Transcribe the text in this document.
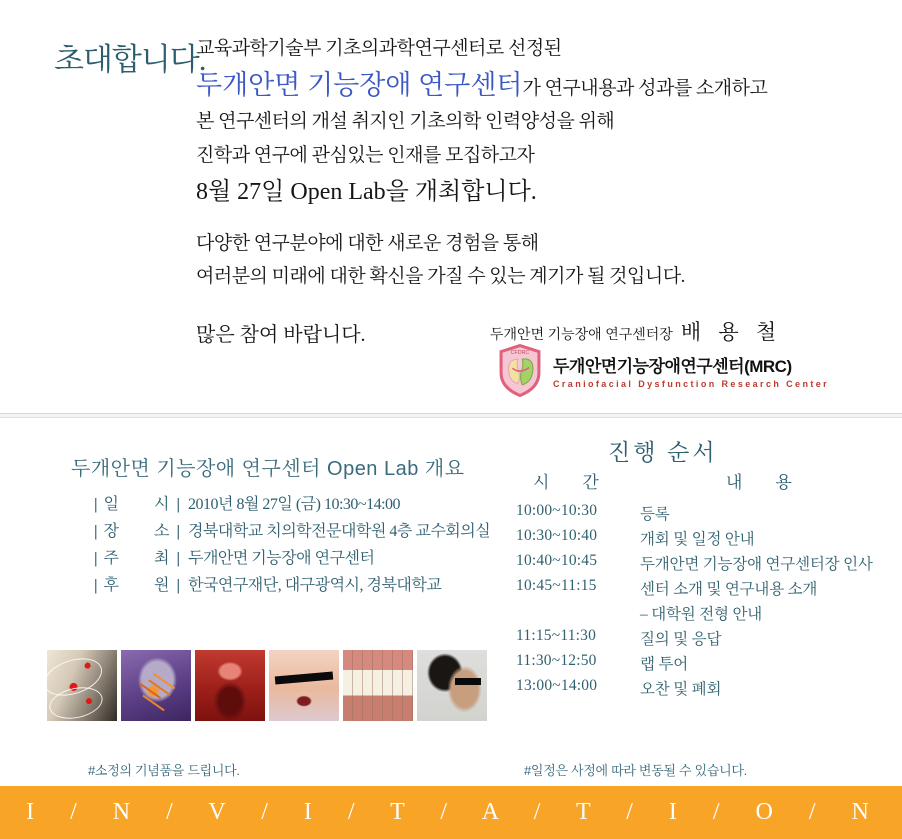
초대합니다.

교육과학기술부 기초의과학연구센터로 선정된

두개안면 기능장애 연구센터가 연구내용과 성과를 소개하고

본 연구센터의 개설 취지인 기초의학 인력양성을 위해

진학과 연구에 관심있는 인재를 모집하고자

8월 27일 Open Lab을 개최합니다.

다양한 연구분야에 대한 새로운 경험을 통해

여러분의 미래에 대한 확신을 가질 수 있는 계기가 될 것입니다.

많은 참여 바랍니다.	두개안면 기능장애 연구센터장 배 용 철
CFDRC
두개안면기능장애연구센터(MRC)
Craniofacial Dysfunction Research Center
두개안면 기능장애 연구센터 Open Lab 개요
| 일　　시 | 2010년 8월 27일 (금) 10:30~14:00
| 장　　소 | 경북대학교 치의학전문대학원 4층 교수회의실
| 주　　최 | 두개안면 기능장애 연구센터
| 후　　원 | 한국연구재단, 대구광역시, 경북대학교
진행 순서
시　간	내　용
10:00~10:30	등록
10:30~10:40	개회 및 일정 안내
10:40~10:45	두개안면 기능장애 연구센터장 인사
10:45~11:15	센터 소개 및 연구내용 소개
– 대학원 전형 안내
11:15~11:30	질의 및 응답
11:30~12:50	랩 투어
13:00~14:00	오찬 및 폐회
#소정의 기념품을 드립니다.	#일정은 사정에 따라 변동될 수 있습니다.
I / N / V / I / T / A / T / I / O / N
